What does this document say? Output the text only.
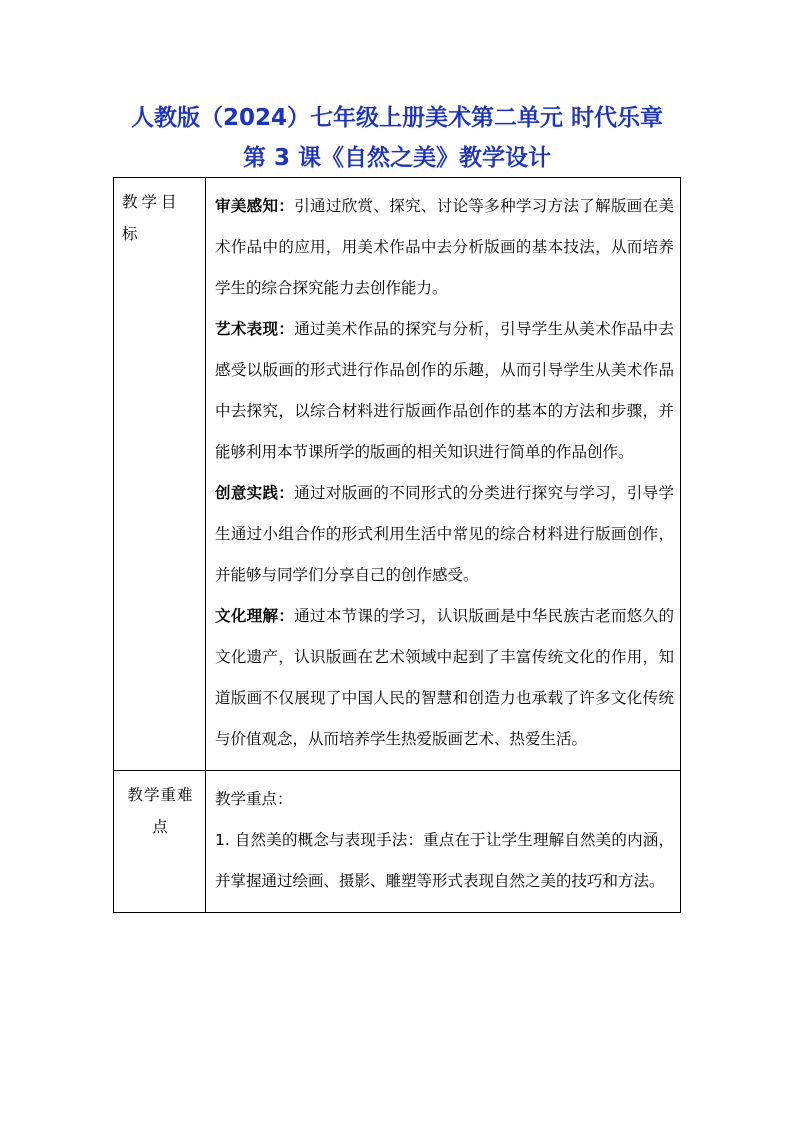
人教版（2024）七年级上册美术第二单元 时代乐章
第 3 课《自然之美》教学设计
教学目标	审美感知：引通过欣赏、探究、讨论等多种学习方法了解版画在美术作品中的应用，用美术作品中去分析版画的基本技法，从而培养学生的综合探究能力去创作能力。

艺术表现：通过美术作品的探究与分析，引导学生从美术作品中去感受以版画的形式进行作品创作的乐趣，从而引导学生从美术作品中去探究，以综合材料进行版画作品创作的基本的方法和步骤，并能够利用本节课所学的版画的相关知识进行简单的作品创作。

创意实践：通过对版画的不同形式的分类进行探究与学习，引导学生通过小组合作的形式利用生活中常见的综合材料进行版画创作，并能够与同学们分享自己的创作感受。

文化理解：通过本节课的学习，认识版画是中华民族古老而悠久的文化遗产，认识版画在艺术领域中起到了丰富传统文化的作用，知道版画不仅展现了中国人民的智慧和创造力也承载了许多文化传统与价值观念，从而培养学生热爱版画艺术、热爱生活。

教学重难点	教学重点：

1. 自然美的概念与表现手法：重点在于让学生理解自然美的内涵，并掌握通过绘画、摄影、雕塑等形式表现自然之美的技巧和方法。
